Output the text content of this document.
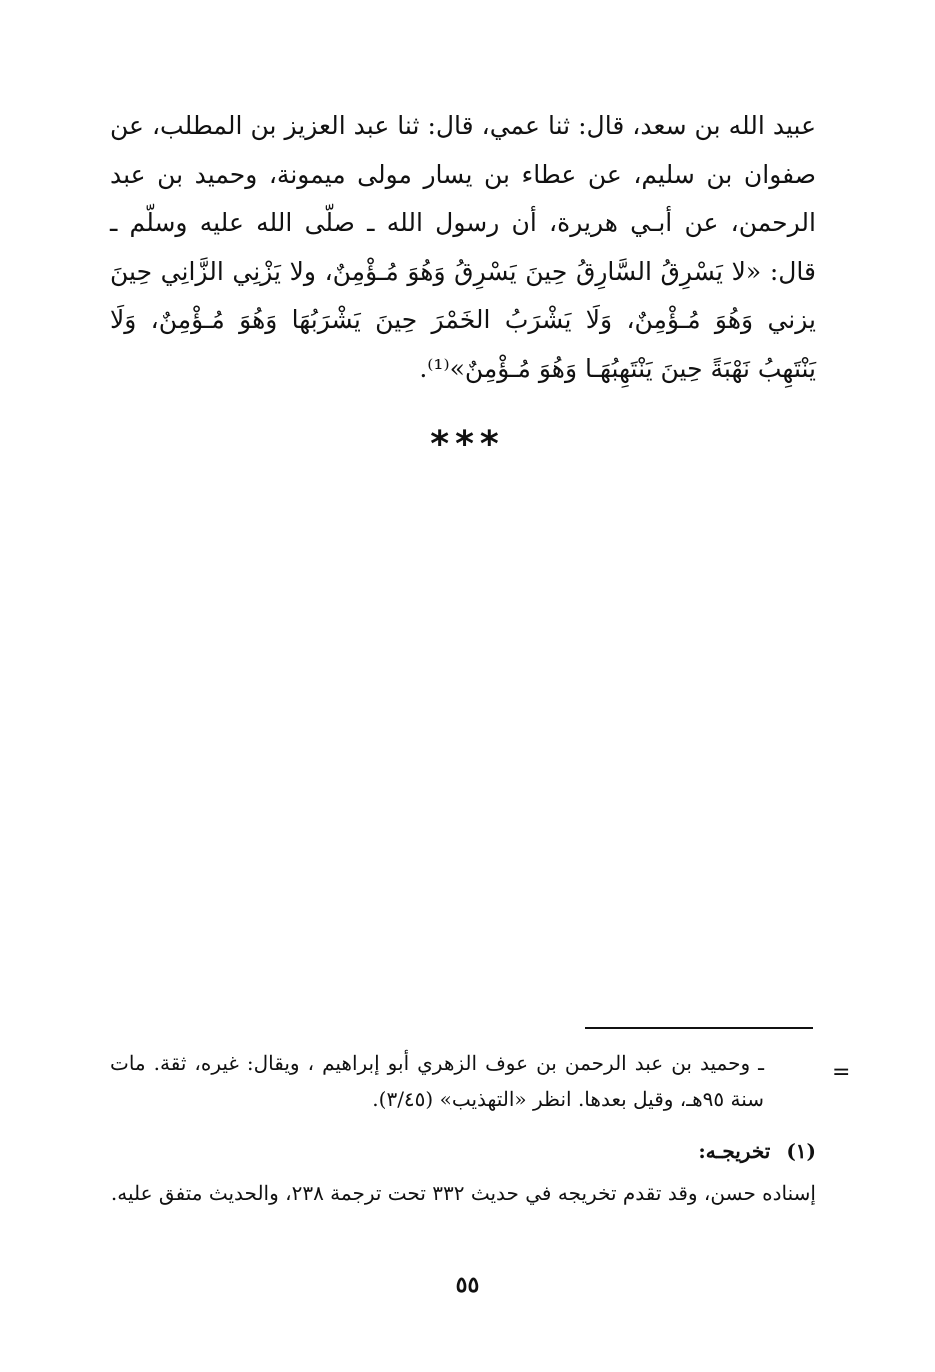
عبيد الله بن سعد، قال: ثنا عمي، قال: ثنا عبد العزيز بن المطلب، عن صفوان بن سليم، عن عطاء بن يسار مولى ميمونة، وحميد بن عبد الرحمن، عن أبـي هريرة، أن رسول الله ـ صلّى الله عليه وسلّم ـ قال: «لا يَسْرِقُ السَّارِقُ حِينَ يَسْرِقُ وَهُوَ مُـؤْمِنٌ، ولا يَزْنِي الزَّانِي حِينَ يزني وَهُوَ مُـؤْمِنٌ، وَلَا يَشْرَبُ الخَمْرَ حِينَ يَشْرَبُهَا وَهُوَ مُـؤْمِنٌ، وَلَا يَنْتَهِبُ نَهْبَةً حِينَ يَنْتَهِبُهَـا وَهُوَ مُـؤْمِنٌ»⁽¹⁾.

***
=

ـ وحميد بن عبد الرحمن بن عوف الزهري أبو إبراهيم ، ويقال: غيره، ثقة. مات سنة ٩٥هـ، وقيل بعدها. انظر «التهذيب» (٣/٤٥).

(١)تخريجـه:

إسناده حسن، وقد تقدم تخريجه في حديث ٣٣٢ تحت ترجمة ٢٣٨، والحديث متفق عليه.

٥٥
